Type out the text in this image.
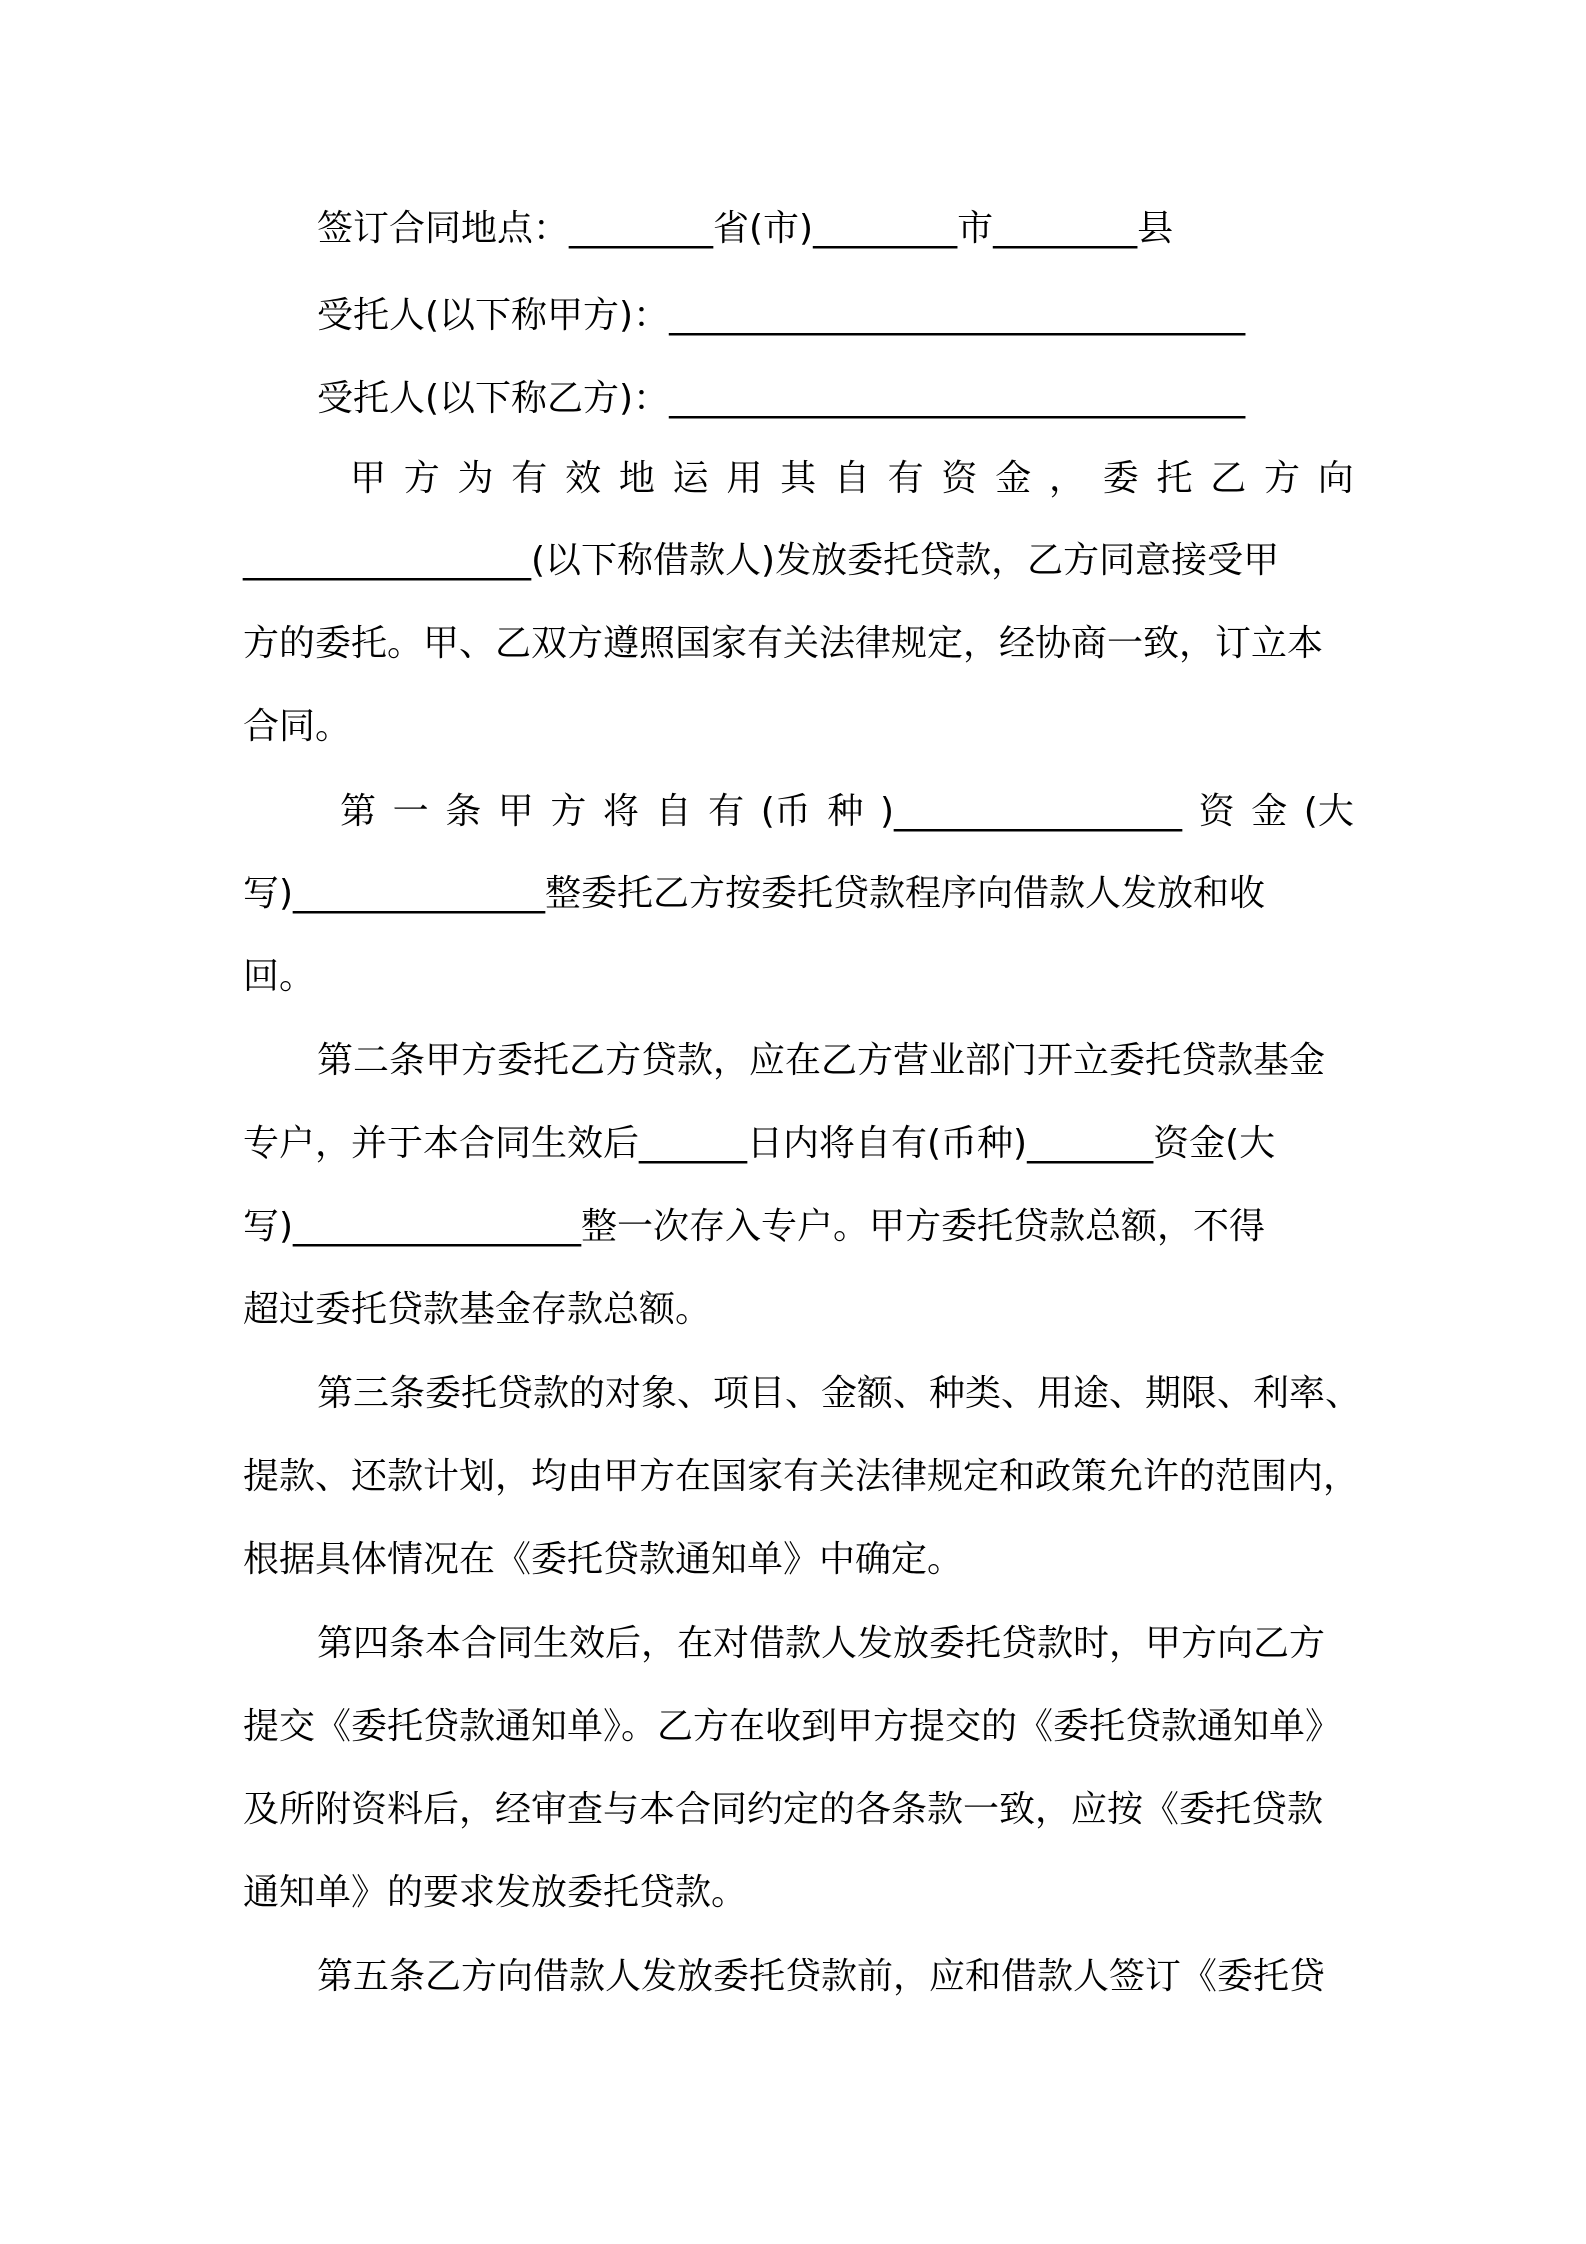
签订合同地点：________省(市)________市________县

受托人(以下称甲方)：________________________________

受托人(以下称乙方)：________________________________

甲 方 为 有 效 地 运 用 其 自 有 资 金 ， 委 托 乙 方 向

________________(以下称借款人)发放委托贷款，乙方同意接受甲

方的委托。甲、乙双方遵照国家有关法律规定，经协商一致，订立本

合同。

第 一 条 甲 方 将 自 有 (币 种 )________________ 资 金 (大

写)______________整委托乙方按委托贷款程序向借款人发放和收

回。

第二条甲方委托乙方贷款，应在乙方营业部门开立委托贷款基金

专户，并于本合同生效后______日内将自有(币种)_______资金(大

写)________________整一次存入专户。甲方委托贷款总额，不得

超过委托贷款基金存款总额。

第三条委托贷款的对象、项目、金额、种类、用途、期限、利率、

提款、还款计划，均由甲方在国家有关法律规定和政策允许的范围内，

根据具体情况在《委托贷款通知单》中确定。

第四条本合同生效后，在对借款人发放委托贷款时，甲方向乙方

提交《委托贷款通知单》。乙方在收到甲方提交的《委托贷款通知单》

及所附资料后，经审查与本合同约定的各条款一致，应按《委托贷款

通知单》的要求发放委托贷款。

第五条乙方向借款人发放委托贷款前，应和借款人签订《委托贷
